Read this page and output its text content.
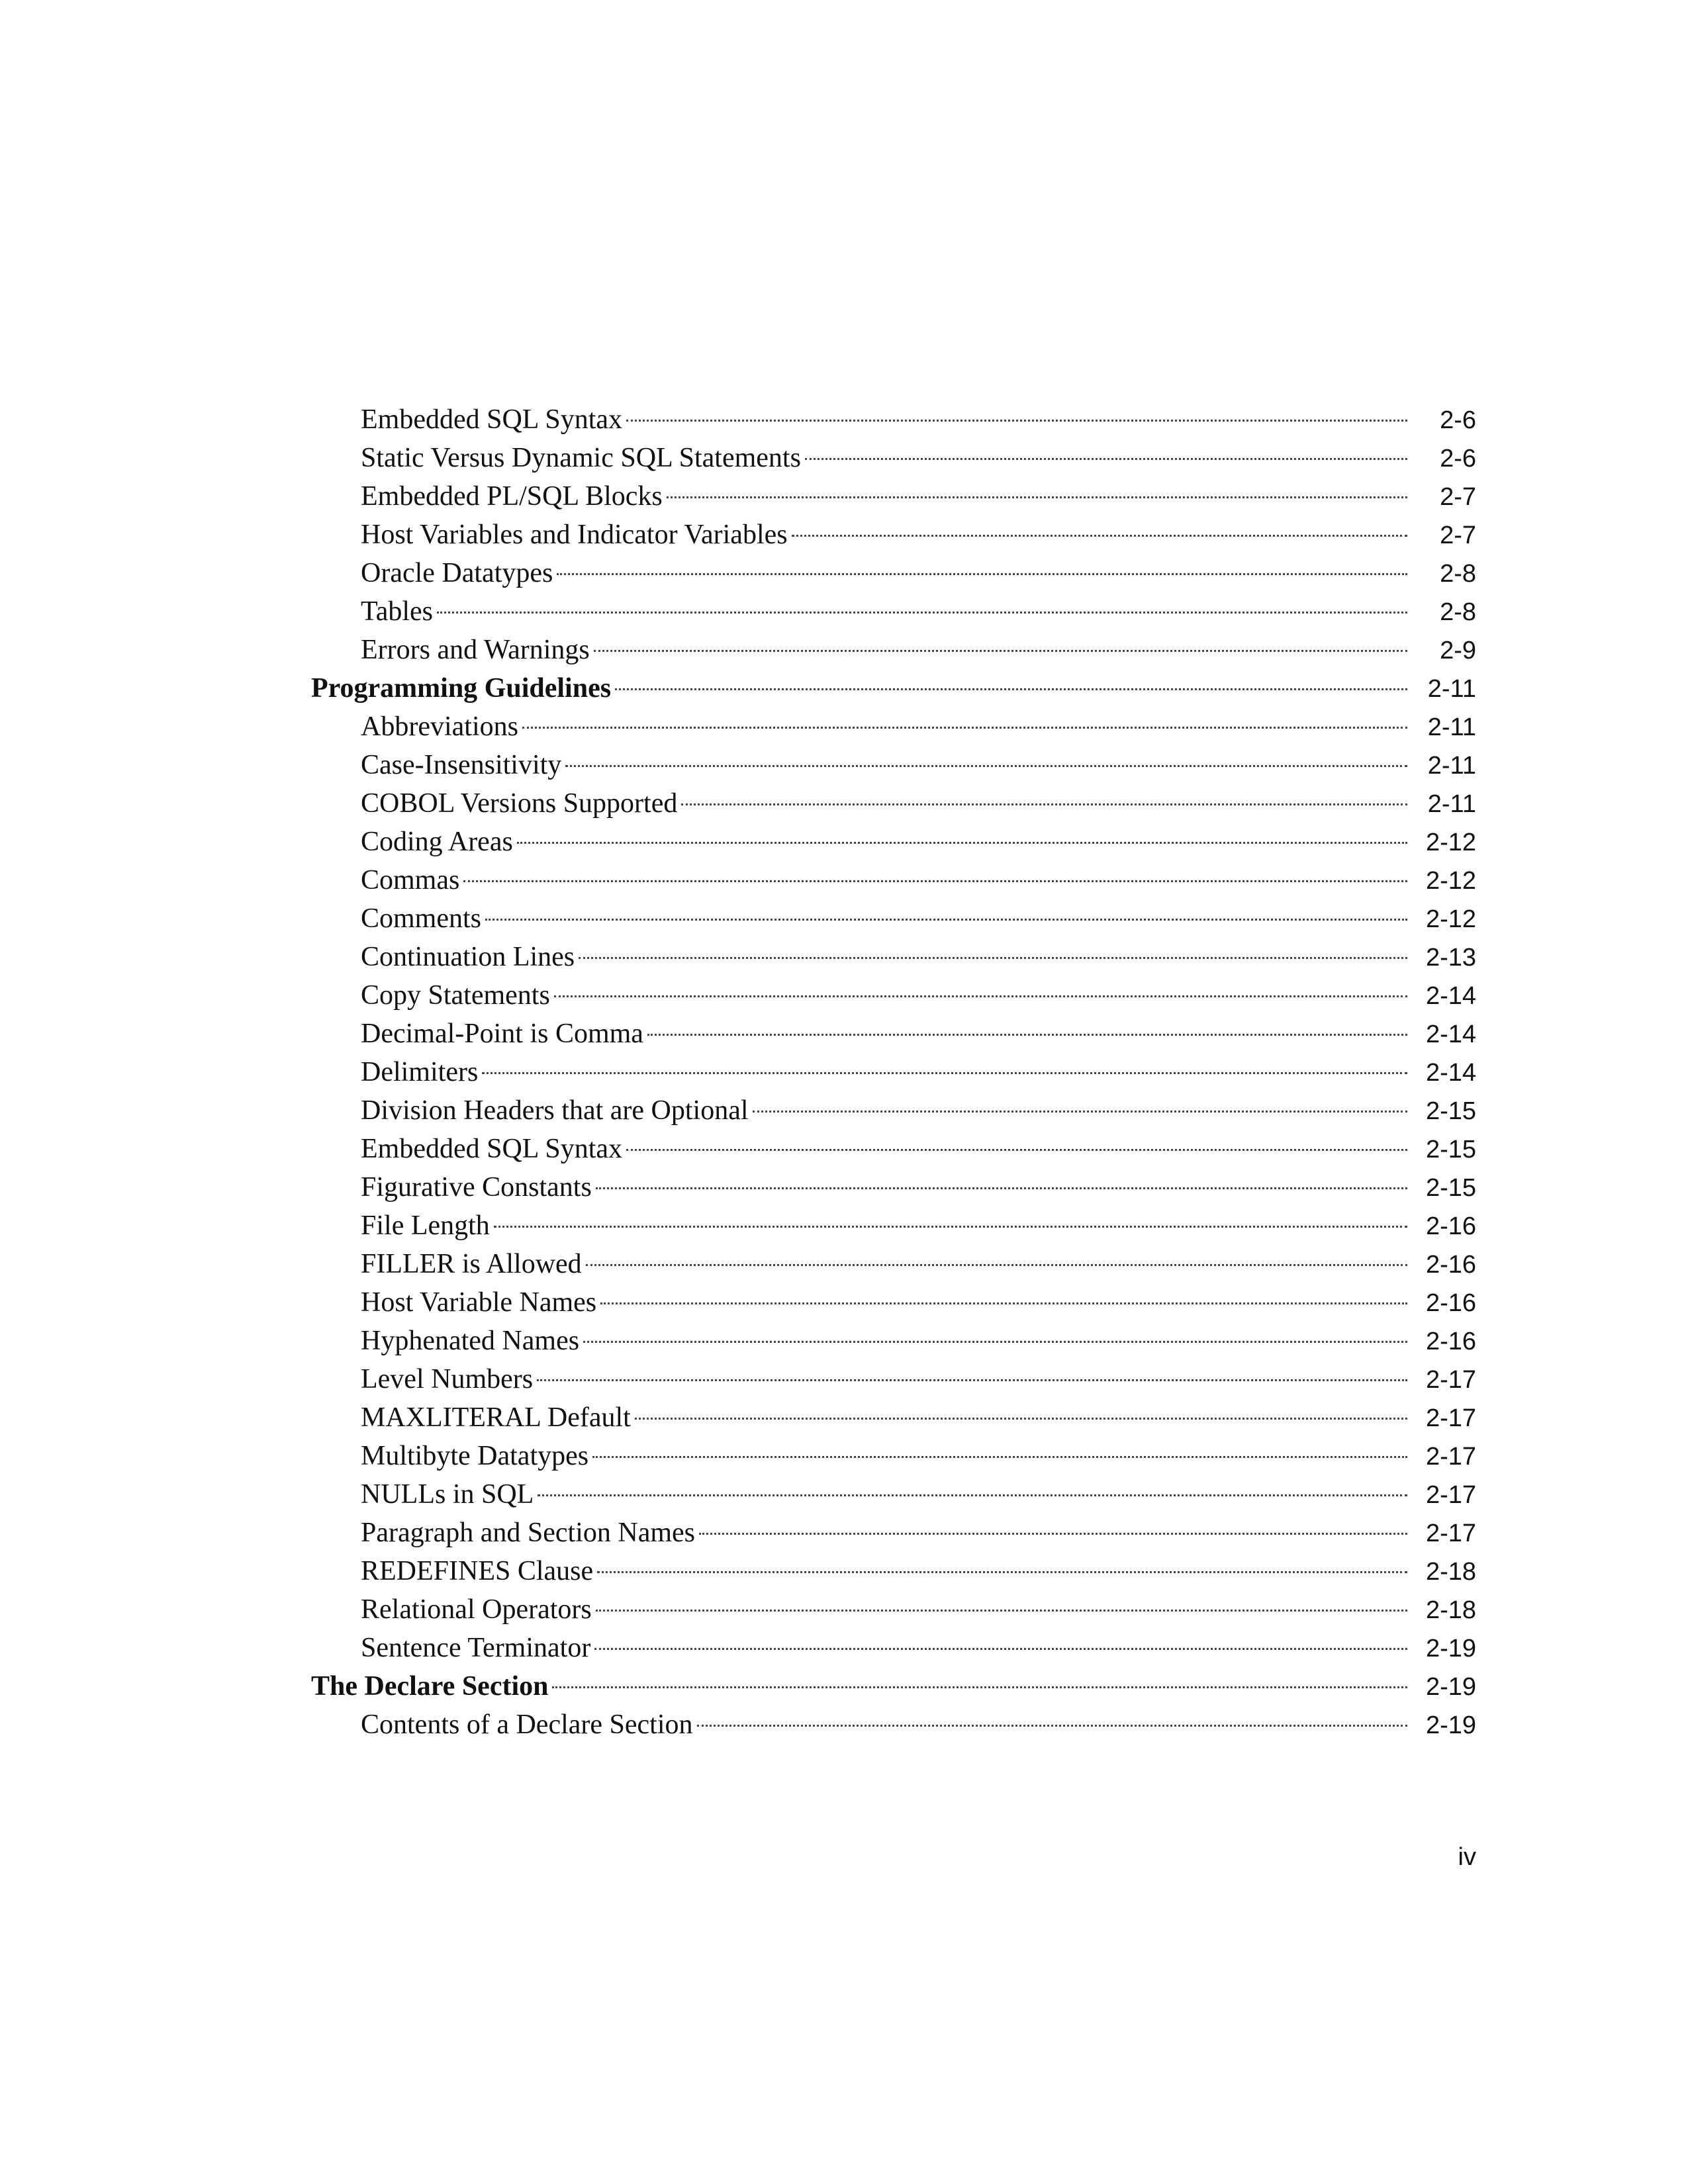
Embedded SQL Syntax	2-6
Static Versus Dynamic SQL Statements	2-6
Embedded PL/SQL Blocks	2-7
Host Variables and Indicator Variables	2-7
Oracle Datatypes	2-8
Tables	2-8
Errors and Warnings	2-9
Programming Guidelines	2-11
Abbreviations	2-11
Case-Insensitivity	2-11
COBOL Versions Supported	2-11
Coding Areas	2-12
Commas	2-12
Comments	2-12
Continuation Lines	2-13
Copy Statements	2-14
Decimal-Point is Comma	2-14
Delimiters	2-14
Division Headers that are Optional	2-15
Embedded SQL Syntax	2-15
Figurative Constants	2-15
File Length	2-16
FILLER is Allowed	2-16
Host Variable Names	2-16
Hyphenated Names	2-16
Level Numbers	2-17
MAXLITERAL Default	2-17
Multibyte Datatypes	2-17
NULLs in SQL	2-17
Paragraph and Section Names	2-17
REDEFINES Clause	2-18
Relational Operators	2-18
Sentence Terminator	2-19
The Declare Section	2-19
Contents of a Declare Section	2-19
iv
